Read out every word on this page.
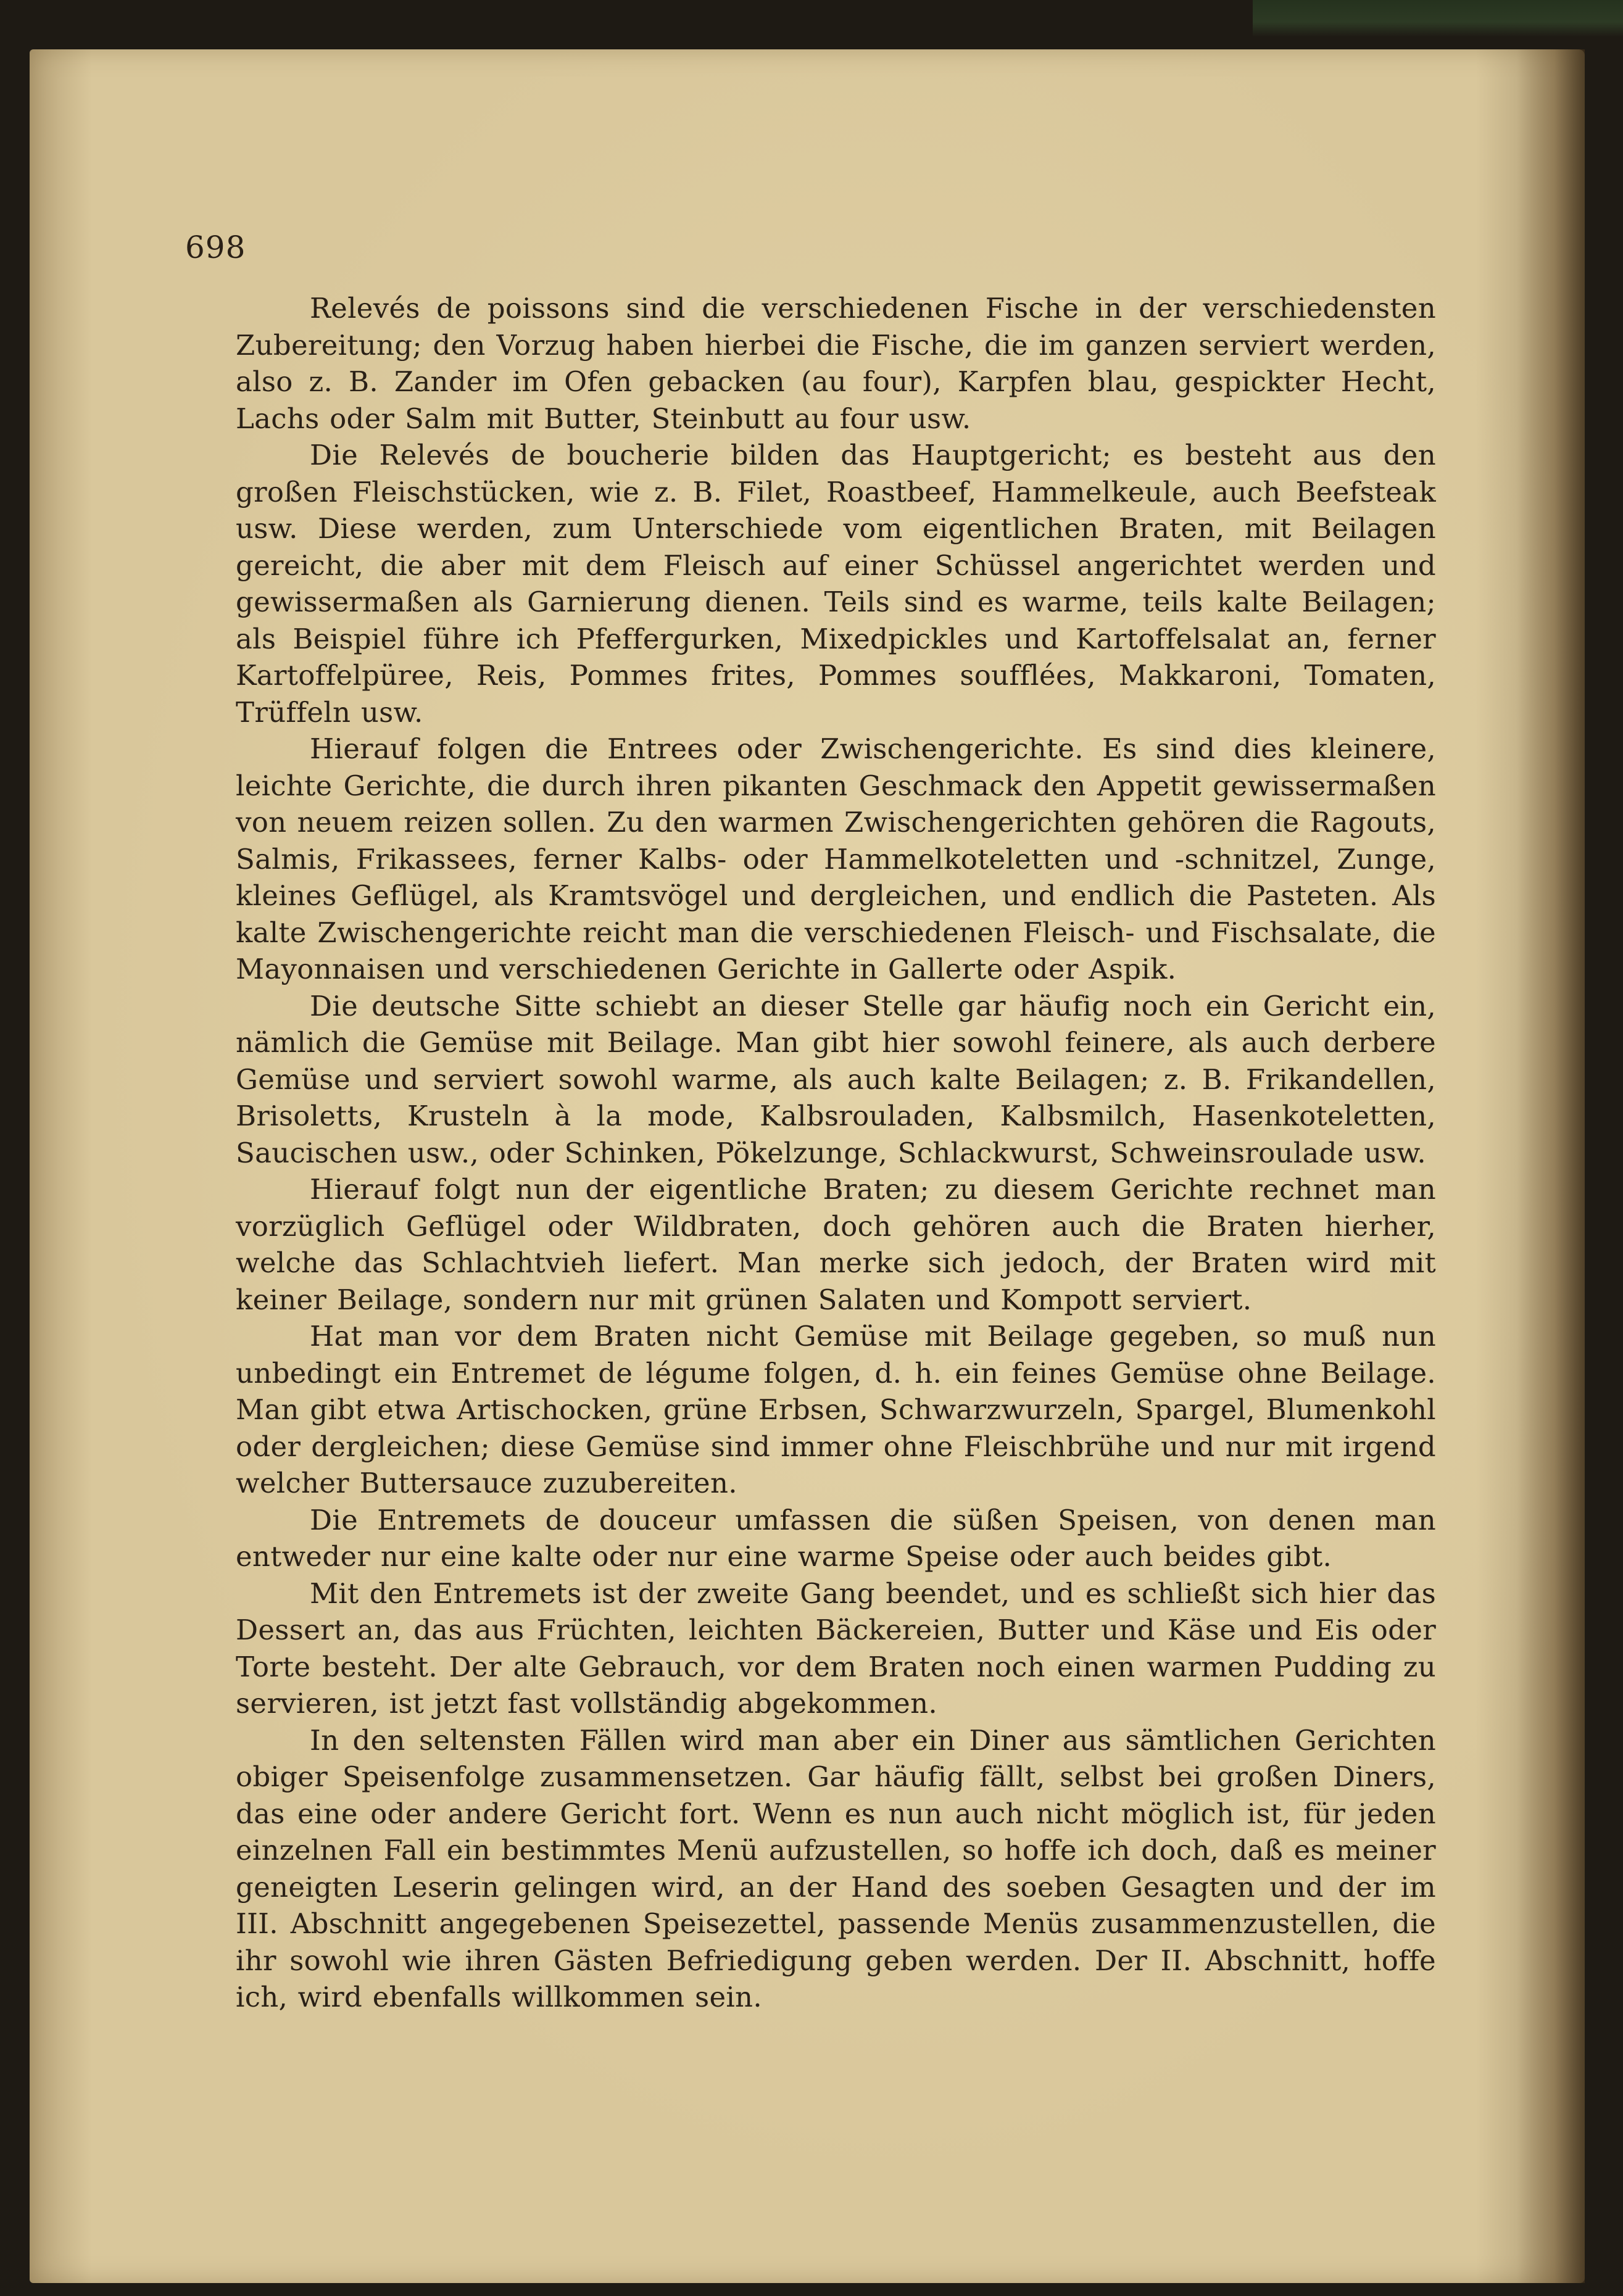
698

Relevés de poissons sind die verschiedenen Fische in der verschiedensten Zubereitung; den Vorzug haben hierbei die Fische, die im ganzen serviert werden, also z. B. Zander im Ofen gebacken (au four), Karpfen blau, gespickter Hecht, Lachs oder Salm mit Butter, Steinbutt au four usw.

Die Relevés de boucherie bilden das Hauptgericht; es besteht aus den großen Fleischstücken, wie z. B. Filet, Roastbeef, Hammelkeule, auch Beefsteak usw. Diese werden, zum Unterschiede vom eigentlichen Braten, mit Beilagen gereicht, die aber mit dem Fleisch auf einer Schüssel angerichtet werden und gewissermaßen als Garnierung dienen. Teils sind es warme, teils kalte Beilagen; als Beispiel führe ich Pfeffergurken, Mixedpickles und Kartoffelsalat an, ferner Kartoffelpüree, Reis, Pommes frites, Pommes soufflées, Makkaroni, Tomaten, Trüffeln usw.

Hierauf folgen die Entrees oder Zwischengerichte. Es sind dies kleinere, leichte Gerichte, die durch ihren pikanten Geschmack den Appetit gewissermaßen von neuem reizen sollen. Zu den warmen Zwischengerichten gehören die Ragouts, Salmis, Frikassees, ferner Kalbs- oder Hammelkoteletten und -schnitzel, Zunge, kleines Geflügel, als Kramtsvögel und dergleichen, und endlich die Pasteten. Als kalte Zwischengerichte reicht man die verschiedenen Fleisch- und Fischsalate, die Mayonnaisen und verschiedenen Gerichte in Gallerte oder Aspik.

Die deutsche Sitte schiebt an dieser Stelle gar häufig noch ein Gericht ein, nämlich die Gemüse mit Beilage. Man gibt hier sowohl feinere, als auch derbere Gemüse und serviert sowohl warme, als auch kalte Beilagen; z. B. Frikandellen, Brisoletts, Krusteln à la mode, Kalbsrouladen, Kalbsmilch, Hasenkoteletten, Saucischen usw., oder Schinken, Pökelzunge, Schlackwurst, Schweinsroulade usw.

Hierauf folgt nun der eigentliche Braten; zu diesem Gerichte rechnet man vorzüglich Geflügel oder Wildbraten, doch gehören auch die Braten hierher, welche das Schlachtvieh liefert. Man merke sich jedoch, der Braten wird mit keiner Beilage, sondern nur mit grünen Salaten und Kompott serviert.

Hat man vor dem Braten nicht Gemüse mit Beilage gegeben, so muß nun unbedingt ein Entremet de légume folgen, d. h. ein feines Gemüse ohne Beilage. Man gibt etwa Artischocken, grüne Erbsen, Schwarzwurzeln, Spargel, Blumenkohl oder dergleichen; diese Gemüse sind immer ohne Fleischbrühe und nur mit irgend welcher Buttersauce zuzubereiten.

Die Entremets de douceur umfassen die süßen Speisen, von denen man entweder nur eine kalte oder nur eine warme Speise oder auch beides gibt.

Mit den Entremets ist der zweite Gang beendet, und es schließt sich hier das Dessert an, das aus Früchten, leichten Bäckereien, Butter und Käse und Eis oder Torte besteht. Der alte Gebrauch, vor dem Braten noch einen warmen Pudding zu servieren, ist jetzt fast vollständig abgekommen.

In den seltensten Fällen wird man aber ein Diner aus sämtlichen Gerichten obiger Speisenfolge zusammensetzen. Gar häufig fällt, selbst bei großen Diners, das eine oder andere Gericht fort. Wenn es nun auch nicht möglich ist, für jeden einzelnen Fall ein bestimmtes Menü aufzustellen, so hoffe ich doch, daß es meiner geneigten Leserin gelingen wird, an der Hand des soeben Gesagten und der im III. Abschnitt angegebenen Speisezettel, passende Menüs zusammenzustellen, die ihr sowohl wie ihren Gästen Befriedigung geben werden. Der II. Abschnitt, hoffe ich, wird ebenfalls willkommen sein.
